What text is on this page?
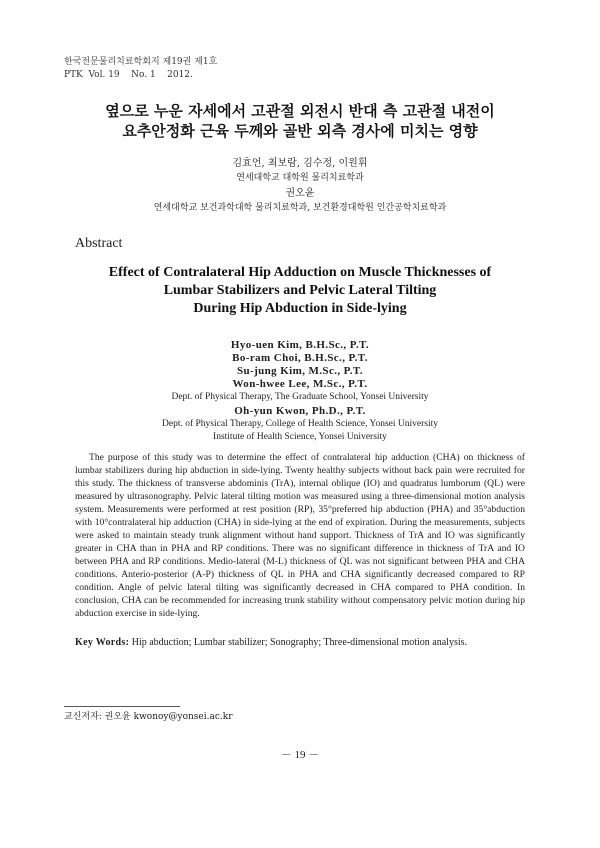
한국전문물리치료학회지 제19권 제1호
PTK  Vol. 19    No. 1    2012.
옆으로 누운 자세에서 고관절 외전시 반대 측 고관절 내전이
요추안정화 근육 두께와 골반 외측 경사에 미치는 영향
김효언, 최보람, 김수정, 이원휘
연세대학교 대학원 물리치료학과
권오윤
연세대학교 보건과학대학 물리치료학과, 보건환경대학원 인간공학치료학과
Abstract
Effect of Contralateral Hip Adduction on Muscle Thicknesses of
Lumbar Stabilizers and Pelvic Lateral Tilting
During Hip Abduction in Side-lying
Hyo-uen Kim, B.H.Sc., P.T.
Bo-ram Choi, B.H.Sc., P.T.
Su-jung Kim, M.Sc., P.T.
Won-hwee Lee, M.Sc., P.T.
Dept. of Physical Therapy, The Graduate School, Yonsei University
Oh-yun Kwon, Ph.D., P.T.
Dept. of Physical Therapy, College of Health Science, Yonsei University
Institute of Health Science, Yonsei University

The purpose of this study was to determine the effect of contralateral hip adduction (CHA) on thickness of lumbar stabilizers during hip abduction in side-lying. Twenty healthy subjects without back pain were recruited for this study. The thickness of transverse abdominis (TrA), internal oblique (IO) and quadratus lumborum (QL) were measured by ultrasonography. Pelvic lateral tilting motion was measured using a three-dimensional motion analysis system. Measurements were performed at rest position (RP), 35°preferred hip abduction (PHA) and 35°abduction with 10°contralateral hip adduction (CHA) in side-lying at the end of expiration. During the measurements, subjects were asked to maintain steady trunk alignment without hand support. Thickness of TrA and IO was significantly greater in CHA than in PHA and RP conditions. There was no significant difference in thickness of TrA and IO between PHA and RP conditions. Medio-lateral (M-L) thickness of QL was not significant between PHA and CHA conditions. Anterio-posterior (A-P) thickness of QL in PHA and CHA significantly decreased compared to RP condition. Angle of pelvic lateral tilting was significantly decreased in CHA compared to PHA condition. In conclusion, CHA can be recommended for increasing trunk stability without compensatory pelvic motion during hip abduction exercise in side-lying.

Key Words: Hip abduction; Lumbar stabilizer; Sonography; Three-dimensional motion analysis.
교신저자: 권오윤 kwonoy@yonsei.ac.kr
－ 19 －
